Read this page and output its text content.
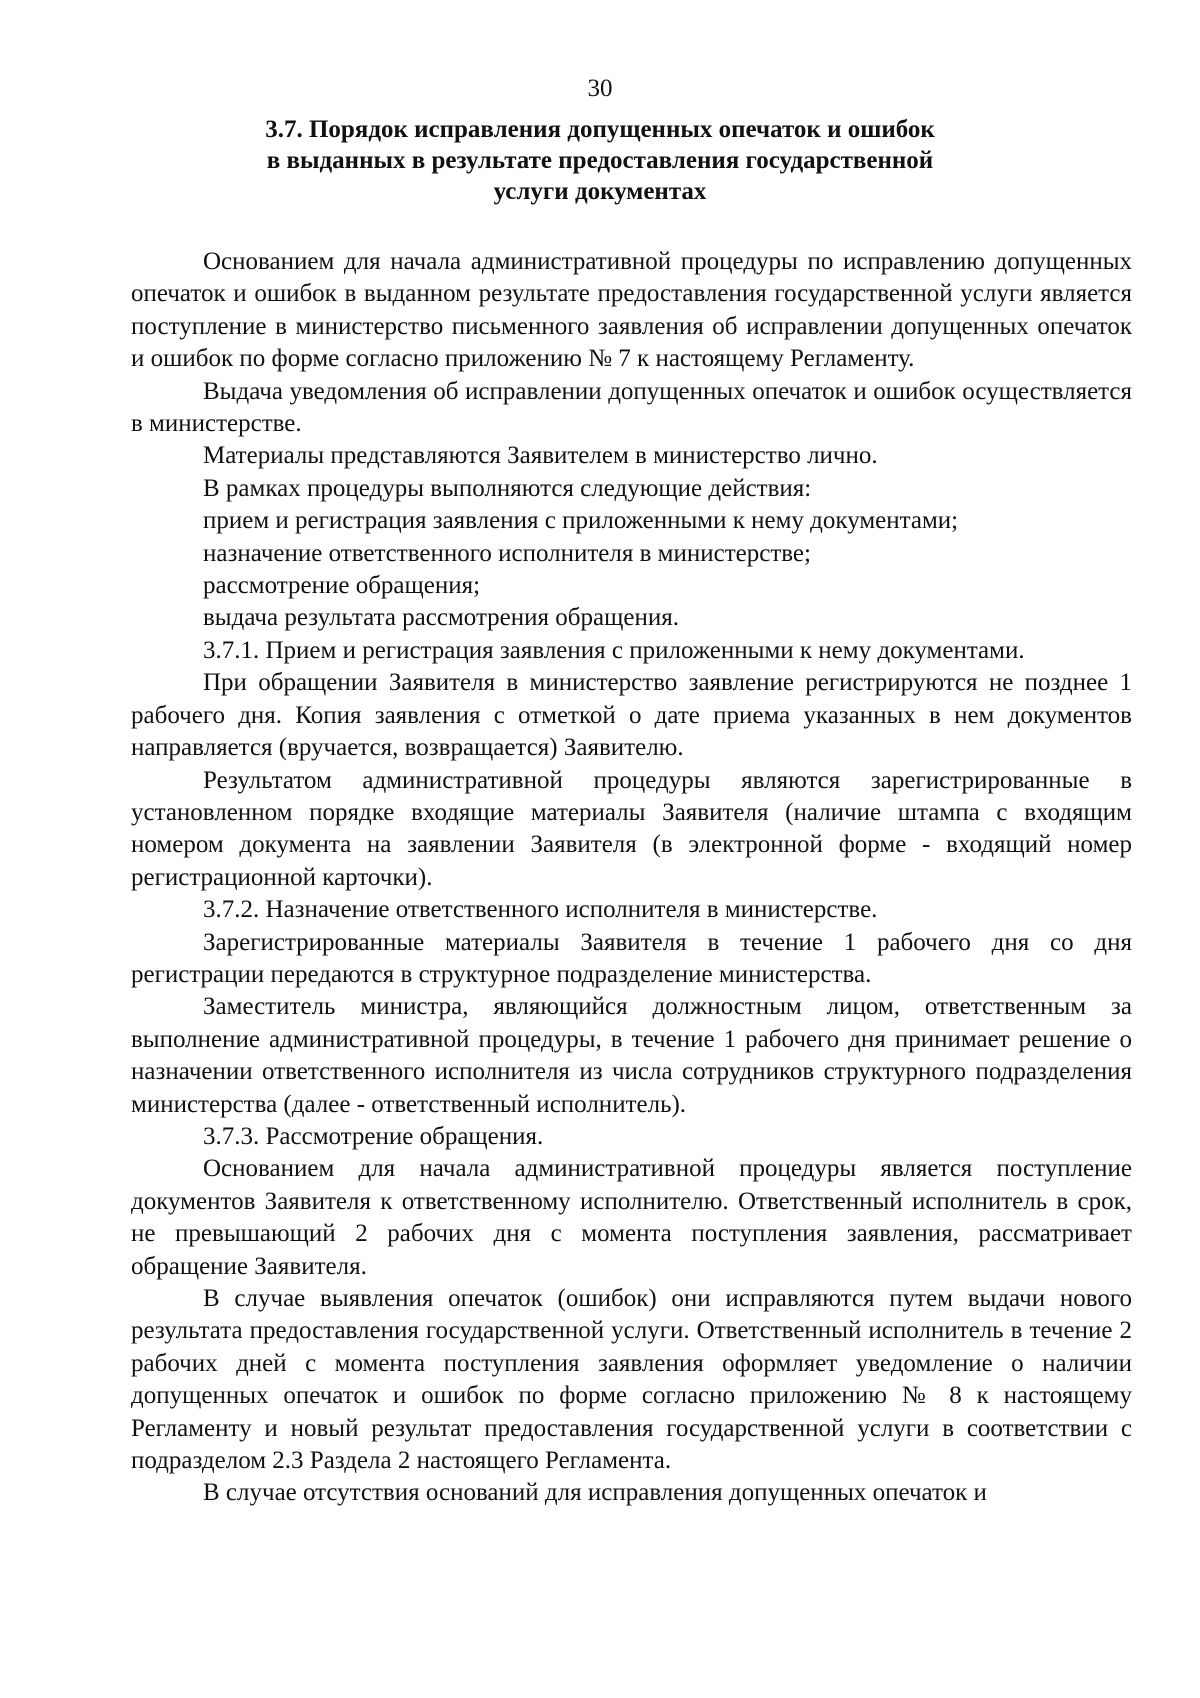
30
3.7. Порядок исправления допущенных опечаток и ошибок
в выданных в результате предоставления государственной
услуги документах

Основанием для начала административной процедуры по исправлению допущенных опечаток и ошибок в выданном результате предоставления государственной услуги является поступление в министерство письменного заявления об исправлении допущенных опечаток и ошибок по форме согласно приложению № 7 к настоящему Регламенту.

Выдача уведомления об исправлении допущенных опечаток и ошибок осуществляется в министерстве.

Материалы представляются Заявителем в министерство лично.

В рамках процедуры выполняются следующие действия:

прием и регистрация заявления с приложенными к нему документами;

назначение ответственного исполнителя в министерстве;

рассмотрение обращения;

выдача результата рассмотрения обращения.

3.7.1. Прием и регистрация заявления с приложенными к нему документами.

При обращении Заявителя в министерство заявление регистрируются не позднее 1 рабочего дня. Копия заявления с отметкой о дате приема указанных в нем документов направляется (вручается, возвращается) Заявителю.

Результатом административной процедуры являются зарегистрированные в установленном порядке входящие материалы Заявителя (наличие штампа с входящим номером документа на заявлении Заявителя (в электронной форме - входящий номер регистрационной карточки).

3.7.2. Назначение ответственного исполнителя в министерстве.

Зарегистрированные материалы Заявителя в течение 1 рабочего дня со дня регистрации передаются в структурное подразделение министерства.

Заместитель министра, являющийся должностным лицом, ответственным за выполнение административной процедуры, в течение 1 рабочего дня принимает решение о назначении ответственного исполнителя из числа сотрудников структурного подразделения министерства (далее - ответственный исполнитель).

3.7.3. Рассмотрение обращения.

Основанием для начала административной процедуры является поступление документов Заявителя к ответственному исполнителю. Ответственный исполнитель в срок, не превышающий 2 рабочих дня с момента поступления заявления, рассматривает обращение Заявителя.

В случае выявления опечаток (ошибок) они исправляются путем выдачи нового результата предоставления государственной услуги. Ответственный исполнитель в течение 2 рабочих дней с момента поступления заявления оформляет уведомление о наличии допущенных опечаток и ошибок по форме согласно приложению № 8 к настоящему Регламенту и новый результат предоставления государственной услуги в соответствии с подразделом 2.3 Раздела 2 настоящего Регламента.

В случае отсутствия оснований для исправления допущенных опечаток и
